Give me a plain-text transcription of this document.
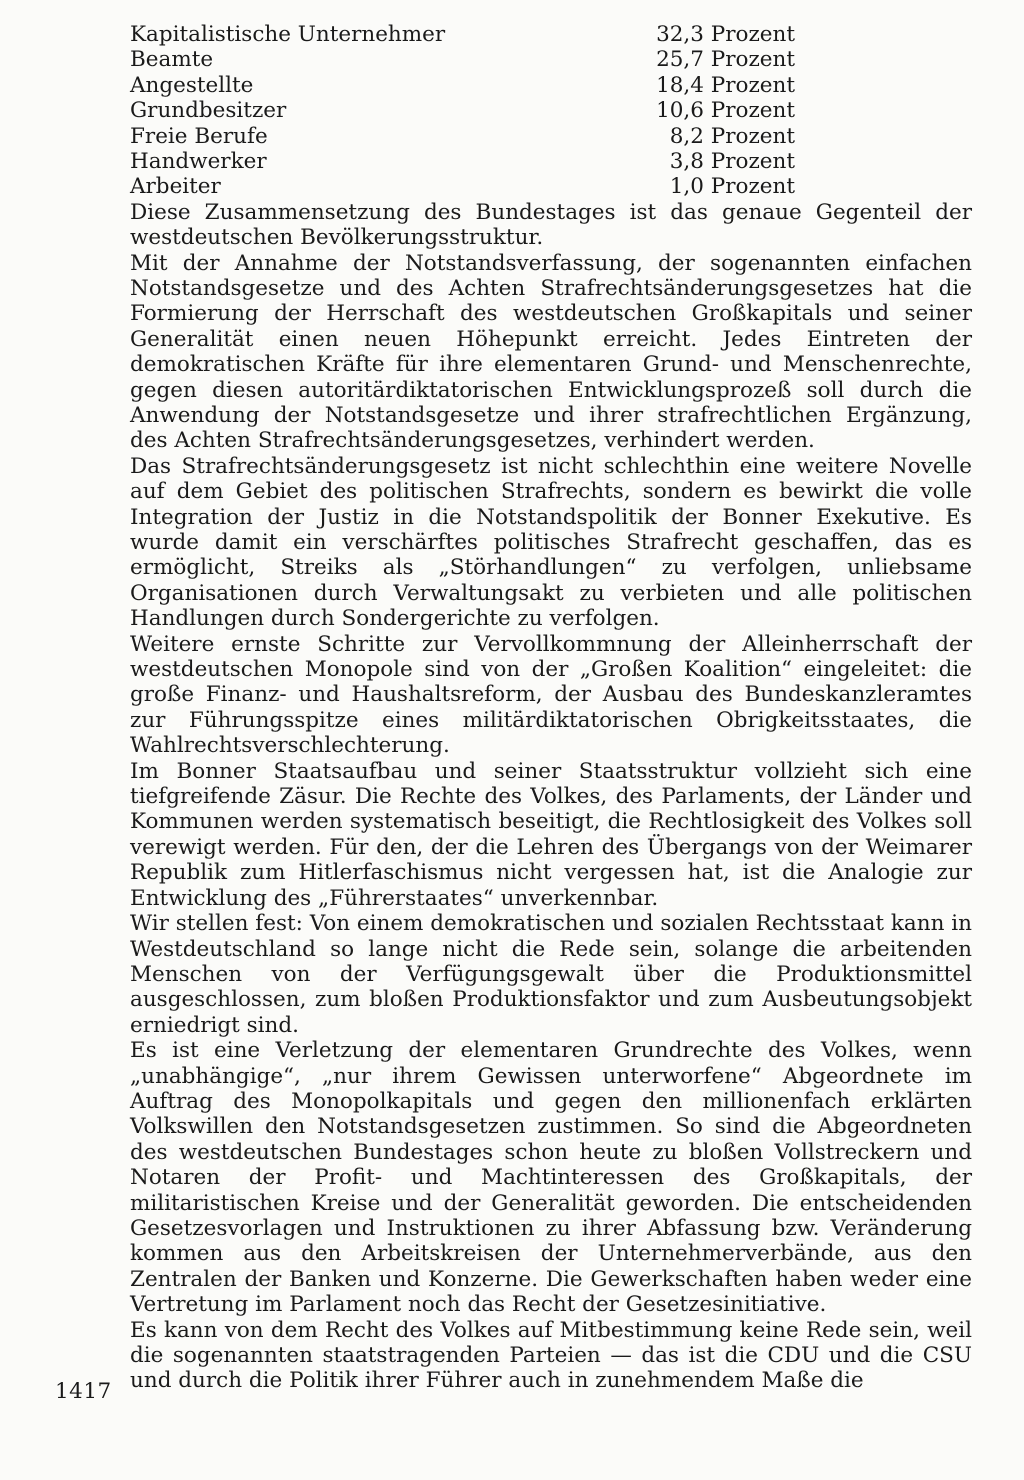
Kapitalistische Unternehmer	32,3 Prozent
Beamte	25,7 Prozent
Angestellte	18,4 Prozent
Grundbesitzer	10,6 Prozent
Freie Berufe	8,2 Prozent
Handwerker	3,8 Prozent
Arbeiter	1,0 Prozent

Diese Zusammensetzung des Bundestages ist das genaue Gegenteil der westdeutschen Bevölkerungsstruktur.

Mit der Annahme der Notstandsverfassung, der sogenannten einfachen Notstandsgesetze und des Achten Strafrechtsänderungsgesetzes hat die Formierung der Herrschaft des westdeutschen Großkapitals und seiner Generalität einen neuen Höhepunkt erreicht. Jedes Eintreten der demokratischen Kräfte für ihre elementaren Grund- und Menschenrechte, gegen diesen autoritärdiktatorischen Entwicklungsprozeß soll durch die Anwendung der Notstandsgesetze und ihrer strafrechtlichen Ergänzung, des Achten Strafrechtsänderungsgesetzes, verhindert werden.

Das Strafrechtsänderungsgesetz ist nicht schlechthin eine weitere Novelle auf dem Gebiet des politischen Strafrechts, sondern es bewirkt die volle Integration der Justiz in die Notstandspolitik der Bonner Exekutive. Es wurde damit ein verschärftes politisches Strafrecht geschaffen, das es ermöglicht, Streiks als „Störhandlungen“ zu verfolgen, unliebsame Organisationen durch Verwaltungsakt zu verbieten und alle politischen Handlungen durch Sondergerichte zu verfolgen.

Weitere ernste Schritte zur Vervollkommnung der Alleinherrschaft der westdeutschen Monopole sind von der „Großen Koalition“ eingeleitet: die große Finanz- und Haushaltsreform, der Ausbau des Bundeskanzleramtes zur Führungsspitze eines militärdiktatorischen Obrigkeitsstaates, die Wahlrechtsverschlechterung.

Im Bonner Staatsaufbau und seiner Staatsstruktur vollzieht sich eine tiefgreifende Zäsur. Die Rechte des Volkes, des Parlaments, der Länder und Kommunen werden systematisch beseitigt, die Rechtlosigkeit des Volkes soll verewigt werden. Für den, der die Lehren des Übergangs von der Weimarer Republik zum Hitlerfaschismus nicht vergessen hat, ist die Analogie zur Entwicklung des „Führerstaates“ unverkennbar.

Wir stellen fest: Von einem demokratischen und sozialen Rechtsstaat kann in Westdeutschland so lange nicht die Rede sein, solange die arbeitenden Menschen von der Verfügungsgewalt über die Produktionsmittel ausgeschlossen, zum bloßen Produktionsfaktor und zum Ausbeutungsobjekt erniedrigt sind.

Es ist eine Verletzung der elementaren Grundrechte des Volkes, wenn „unabhängige“, „nur ihrem Gewissen unterworfene“ Abgeordnete im Auftrag des Monopolkapitals und gegen den millionenfach erklärten Volkswillen den Notstandsgesetzen zustimmen. So sind die Abgeordneten des westdeutschen Bundestages schon heute zu bloßen Vollstreckern und Notaren der Profit- und Machtinteressen des Großkapitals, der militaristischen Kreise und der Generalität geworden. Die entscheidenden Gesetzesvorlagen und Instruktionen zu ihrer Abfassung bzw. Veränderung kommen aus den Arbeitskreisen der Unternehmerverbände, aus den Zentralen der Banken und Konzerne. Die Gewerkschaften haben weder eine Vertretung im Parlament noch das Recht der Gesetzesinitiative.

Es kann von dem Recht des Volkes auf Mitbestimmung keine Rede sein, weil die sogenannten staatstragenden Parteien — das ist die CDU und die CSU und durch die Politik ihrer Führer auch in zunehmendem Maße die

1417
